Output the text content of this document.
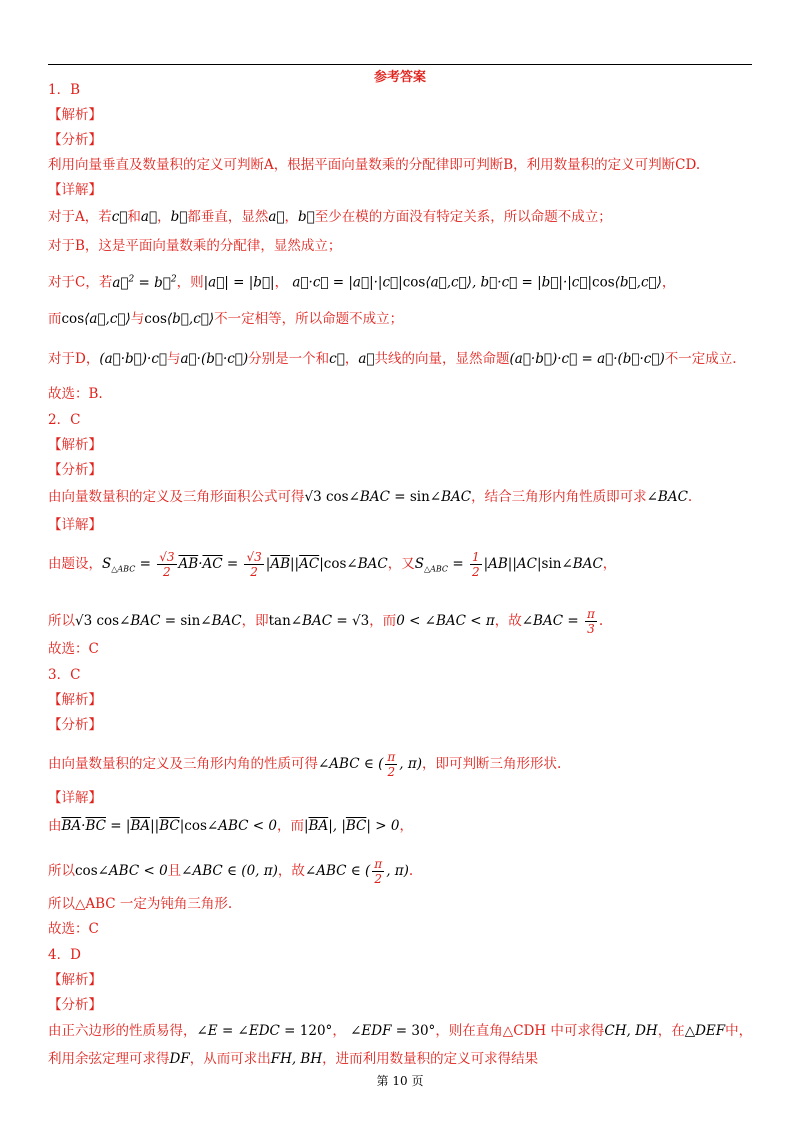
参考答案
1．B
【解析】
【分析】
利用向量垂直及数量积的定义可判断A，根据平面向量数乘的分配律即可判断B，利用数量积的定义可判断CD.
【详解】
对于A，若c⃗和a⃗，b⃗都垂直，显然a⃗，b⃗至少在模的方面没有特定关系，所以命题不成立；
对于B，这是平面向量数乘的分配律，显然成立；
对于C，若a⃗$^2$ = b⃗$^2$，则|a⃗| = |b⃗|， a⃗·c⃗ = |a⃗|·|c⃗|cos⟨a⃗,c⃗⟩, b⃗·c⃗ = |b⃗|·|c⃗|cos⟨b⃗,c⃗⟩，
而cos⟨a⃗,c⃗⟩与cos⟨b⃗,c⃗⟩不一定相等，所以命题不成立；
对于D，(a⃗·b⃗)·c⃗与a⃗·(b⃗·c⃗)分别是一个和c⃗，a⃗共线的向量，显然命题(a⃗·b⃗)·c⃗ = a⃗·(b⃗·c⃗)不一定成立.
故选：B.
2．C
【解析】
【分析】
由向量数量积的定义及三角形面积公式可得√3 cos∠BAC = sin∠BAC，结合三角形内角性质即可求∠BAC.
【详解】
由题设，$S_{\triangle ABC} = \frac{√3}{2} \overline{AB}\cdot\overline{AC} = \frac{√3}{2}$ $|\overline{AB}||\overline{AC}|\cos\angle BAC$，又$S_{\triangle ABC} = \frac{1}{2}$ |AB||AC|sin∠BAC，
所以√3 cos∠BAC = sin∠BAC，即tan∠BAC = √3，而0 < ∠BAC < π，故∠BAC = $\frac{\pi}{3}$ .
故选：C
3．C
【解析】
【分析】
由向量数量积的定义及三角形内角的性质可得∠ABC ∈ ( $\frac{\pi}{2}$ , π)，即可判断三角形形状.
【详解】
由$\overline{BA}\cdot\overline{BC}$ = $|\overline{BA}||\overline{BC}|\cos\angle ABC < 0$，而$|\overline{BA}|$, $|\overline{BC}| > 0$，
所以cos∠ABC < 0且∠ABC ∈ (0, π)，故∠ABC ∈ ( $\frac{\pi}{2}$ , π).
所以△ABC 一定为钝角三角形.
故选：C
4．D
【解析】
【分析】
由正六边形的性质易得，∠E = ∠EDC = 120°， ∠EDF = 30°，则在直角△CDH 中可求得CH, DH，在△DEF中，
利用余弦定理可求得DF，从而可求出FH, BH，进而利用数量积的定义可求得结果
第 10 页
